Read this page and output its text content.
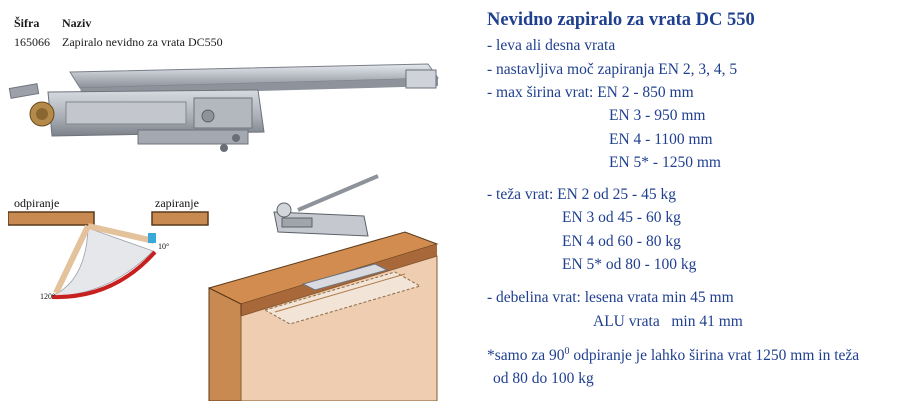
Šifra Naziv
165066 Zapiralo nevidno za vrata DC550
odpiranje	zapiranje
10°
120°
Nevidno zapiralo za vrata DC 550
- leva ali desna vrata
- nastavljiva moč zapiranja EN 2, 3, 4, 5
- max širina vrat: EN 2 - 850 mm
EN 3 - 950 mm
EN 4 - 1100 mm
EN 5* - 1250 mm
- teža vrat: EN 2 od 25 - 45 kg
EN 3 od 45 - 60 kg
EN 4 od 60 - 80 kg
EN 5* od 80 - 100 kg
- debelina vrat: lesena vrata min 45 mm
ALU vrata   min 41 mm
*samo za $90^0$ odpiranje je lahko širina vrat 1250 mm in teža
od 80 do 100 kg
